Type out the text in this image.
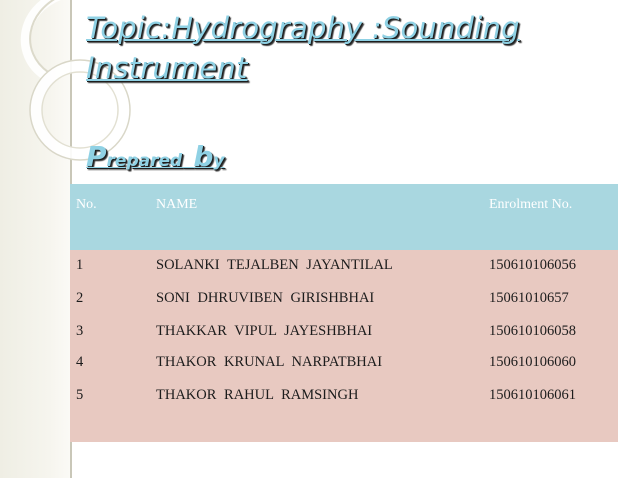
Topic:Hydrography :Sounding Instrument
Prepared by
No.	NAME	Enrolment No.
1	SOLANKI TEJALBEN JAYANTILAL	150610106056
2	SONI DHRUVIBEN GIRISHBHAI	15061010657
3	THAKKAR VIPUL JAYESHBHAI	150610106058
4	THAKOR KRUNAL NARPATBHAI	150610106060
5	THAKOR RAHUL RAMSINGH	150610106061
